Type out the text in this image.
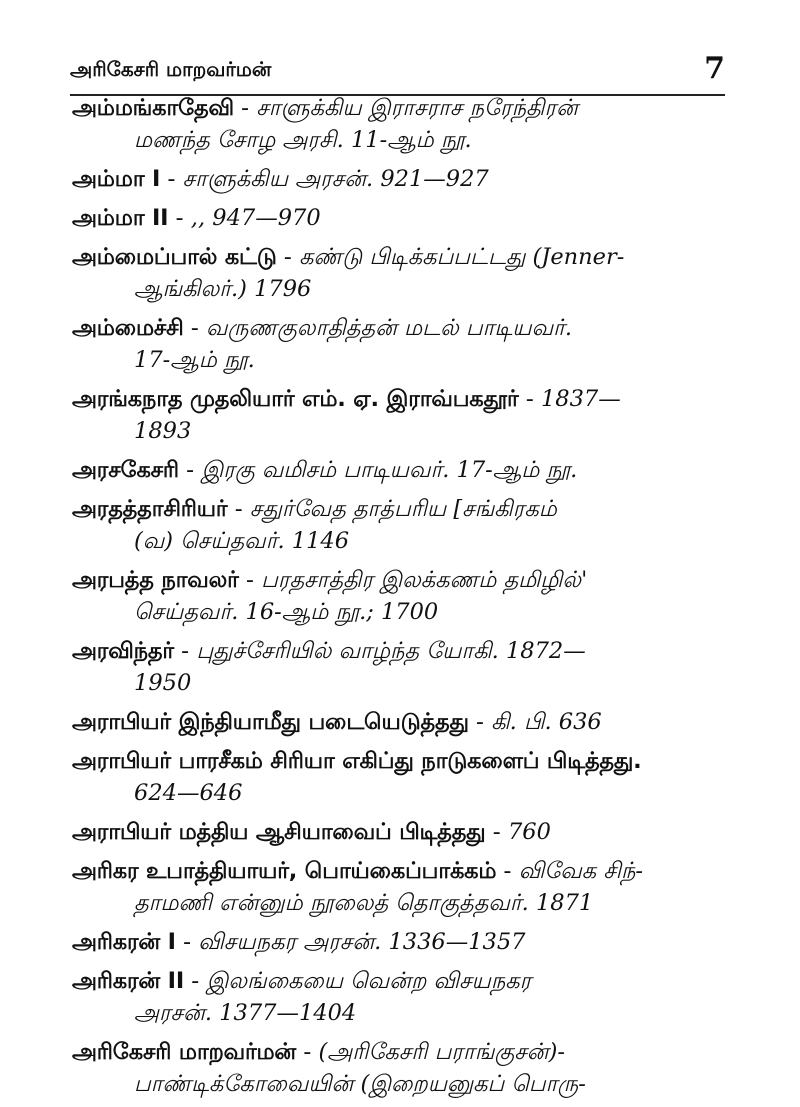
அரிகேசரி மாறவர்மன்	7
அம்மங்காதேவி - சாளுக்கிய இராசராச நரேந்திரன்
மணந்த சோழ அரசி. 11-ஆம் நூ.
அம்மா I - சாளுக்கிய அரசன். 921—927
அம்மா II - ,, 947—970
அம்மைப்பால் கட்டு - கண்டு பிடிக்கப்பட்டது (Jenner-
ஆங்கிலர்.) 1796
அம்மைச்சி - வருணகுலாதித்தன் மடல் பாடியவர்.
17-ஆம் நூ.
அரங்கநாத முதலியார் எம். ஏ. இராவ்பகதூர் - 1837—
1893
அரசகேசரி - இரகு வமிசம் பாடியவர். 17-ஆம் நூ.
அரதத்தாசிரியர் - சதுர்வேத தாத்பரிய [சங்கிரகம்
(வ) செய்தவர். 1146
அரபத்த நாவலர் - பரதசாத்திர இலக்கணம் தமிழில்'
செய்தவர். 16-ஆம் நூ.; 1700
அரவிந்தர் - புதுச்சேரியில் வாழ்ந்த யோகி. 1872—
1950
அராபியர் இந்தியாமீது படையெடுத்தது - கி. பி. 636
அராபியர் பாரசீகம் சிரியா எகிப்து நாடுகளைப் பிடித்தது.
624—646
அராபியர் மத்திய ஆசியாவைப் பிடித்தது - 760
அரிகர உபாத்தியாயர், பொய்கைப்பாக்கம் - விவேக சிந்-
தாமணி என்னும் நூலைத் தொகுத்தவர். 1871
அரிகரன் I - விசயநகர அரசன். 1336—1357
அரிகரன் II - இலங்கையை வென்ற விசயநகர
அரசன். 1377—1404
அரிகேசரி மாறவர்மன் - (அரிகேசரி பராங்குசன்)-
பாண்டிக்கோவையின் (இறையனுகப் பொரு-
